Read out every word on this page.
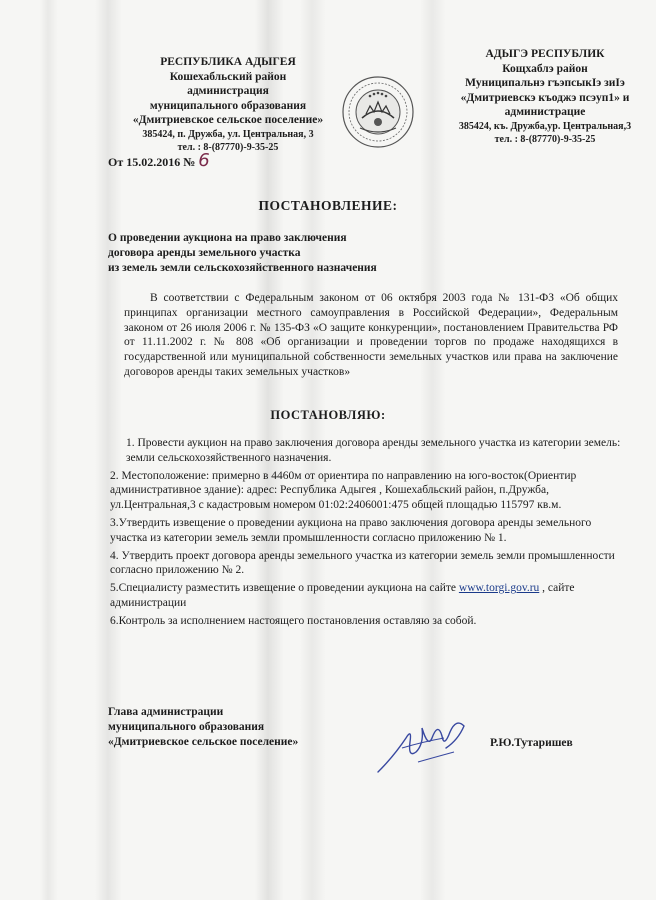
РЕСПУБЛИКА АДЫГЕЯ
Кошехабльский район
администрация
муниципального образования
«Дмитриевское сельское поселение»
385424, п. Дружба, ул. Центральная, 3
тел. : 8-(87770)-9-35-25
АДЫГЭ РЕСПУБЛИК
Кощхаблэ район
Муниципальнэ гъэпсыкIэ зиIэ
«Дмитриевскэ къоджэ псэуп1» и
администрацие
385424, къ. Дружба,ур. Центральная,3
тел. : 8-(87770)-9-35-25
От 15.02.2016 № 6
ПОСТАНОВЛЕНИЕ:
О проведении аукциона на право заключения
договора аренды земельного участка
из земель земли сельскохозяйственного назначения
В соответствии с Федеральным законом от 06 октября 2003 года № 131-ФЗ «Об общих принципах организации местного самоуправления в Российской Федерации», Федеральным законом от 26 июля 2006 г. № 135-ФЗ «О защите конкуренции», постановлением Правительства РФ от 11.11.2002 г. № 808 «Об организации и проведении торгов по продаже находящихся в государственной или муниципальной собственности земельных участков или права на заключение договоров аренды таких земельных участков»
ПОСТАНОВЛЯЮ:
1. Провести аукцион на право заключения договора аренды земельного участка из категории земель: земли сельскохозяйственного назначения.
2. Местоположение: примерно в 4460м от ориентира по направлению на юго-восток(Ориентир административное здание): адрес: Республика Адыгея , Кошехабльский район, п.Дружба, ул.Центральная,3 с кадастровым номером 01:02:2406001:475 общей площадью 115797 кв.м.
3.Утвердить извещение о проведении аукциона на право заключения договора аренды земельного участка из категории земель земли промышленности согласно приложению № 1.
4. Утвердить проект договора аренды земельного участка из категории земель земли промышленности согласно приложению № 2.
5.Специалисту разместить извещение о проведении аукциона на сайте www.torgi.gov.ru , сайте администрации
6.Контроль за исполнением настоящего постановления оставляю за собой.
Глава администрации
муниципального образования
«Дмитриевское сельское поселение»	Р.Ю.Тутаришев
